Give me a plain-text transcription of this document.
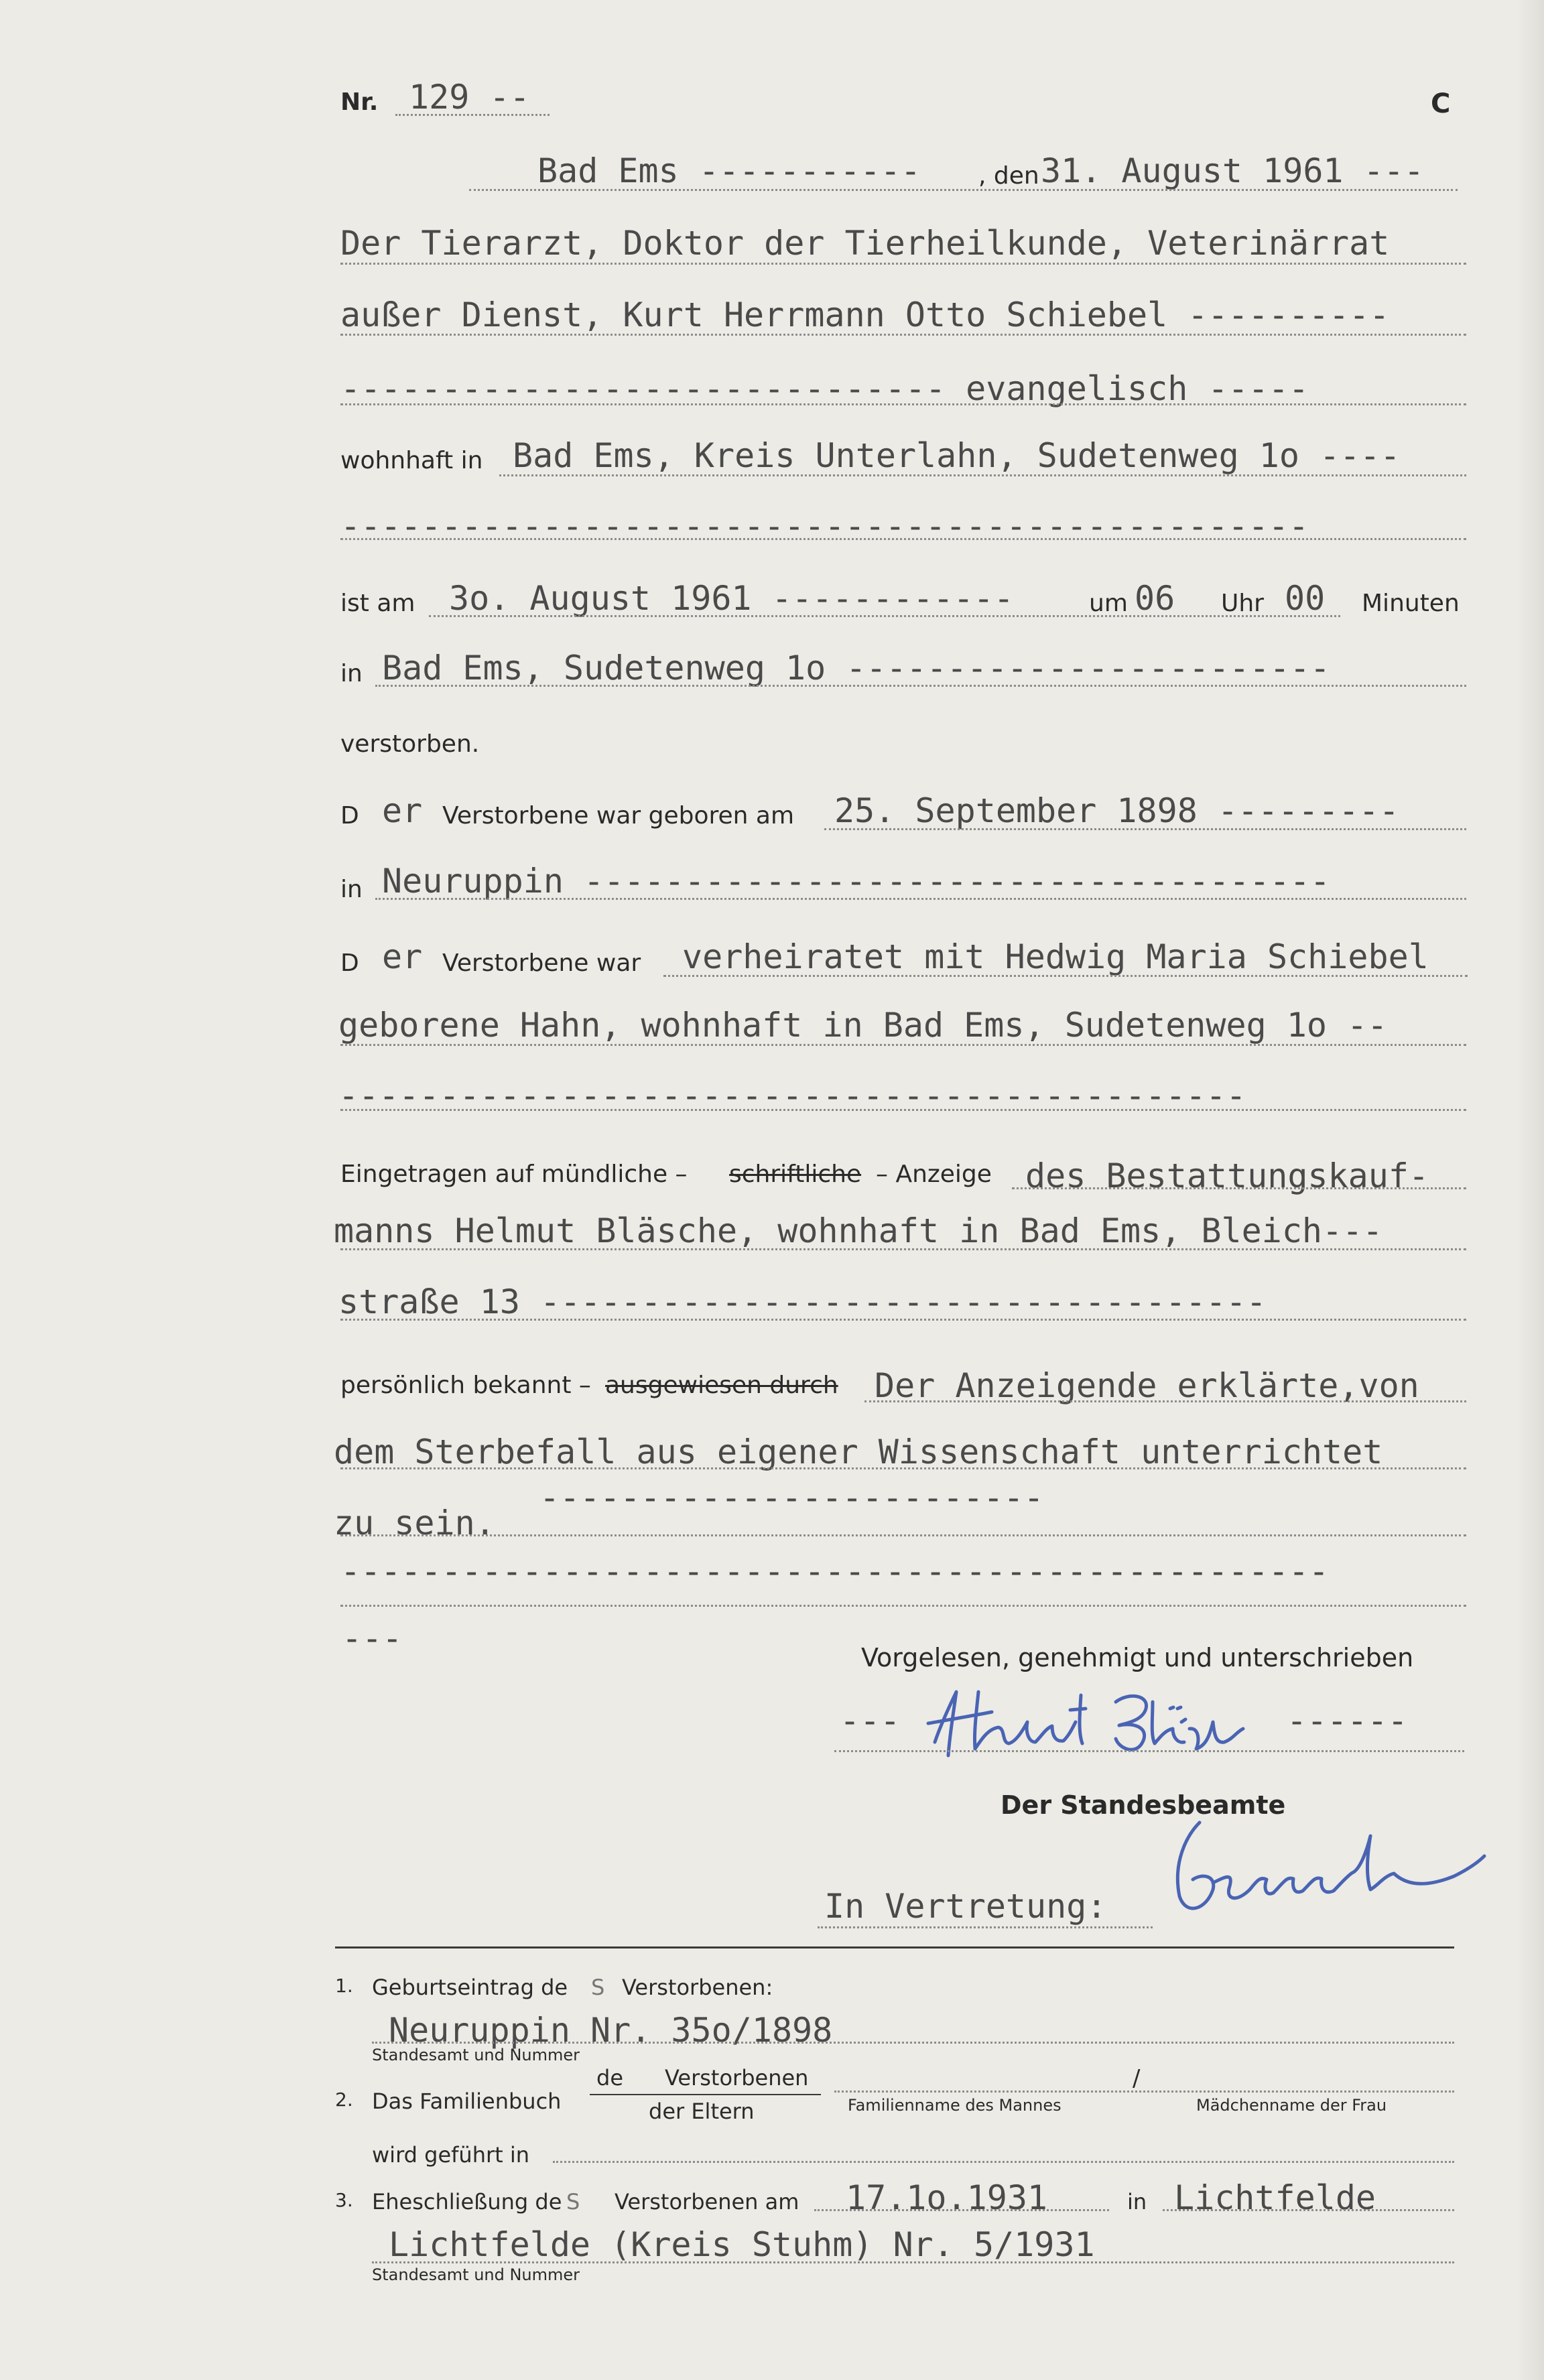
Nr. 129 --	C
Bad Ems ----------- , den 31. August 1961 ---
Der Tierarzt, Doktor der Tierheilkunde, Veterinärrat
außer Dienst, Kurt Herrmann Otto Schiebel ----------
------------------------------ evangelisch -----
wohnhaft in Bad Ems, Kreis Unterlahn, Sudetenweg 1o ----
------------------------------------------------
ist am 3o. August 1961 ------------	um 06 Uhr 00 Minuten
in Bad Ems, Sudetenweg 1o ------------------------
verstorben.
D er Verstorbene war geboren am 25. September 1898 ---------
in Neuruppin -------------------------------------
D er Verstorbene war verheiratet mit Hedwig Maria Schiebel
geborene Hahn, wohnhaft in Bad Ems, Sudetenweg 1o --
---------------------------------------------
Eingetragen auf mündliche – schriftliche – Anzeige des Bestattungskauf-
manns Helmut Bläsche, wohnhaft in Bad Ems, Bleich---
straße 13 ------------------------------------
persönlich bekannt – ausgewiesen durch Der Anzeigende erklärte,von
dem Sterbefall aus eigener Wissenschaft unterrichtet
zu sein.
-------------------------
-------------------------------------------------
---	Vorgelesen, genehmigt und unterschrieben
---	------
Der Standesbeamte
In Vertretung:
1. Geburtseintrag de S Verstorbenen:
Neuruppin Nr. 35o/1898
Standesamt und Nummer
2. Das Familienbuch
de Verstorbenen
der Eltern
/
Familienname des Mannes	Mädchenname der Frau
wird geführt in
3. Eheschließung de S Verstorbenen am 17.1o.1931	in Lichtfelde
Lichtfelde (Kreis Stuhm) Nr. 5/1931
Standesamt und Nummer
